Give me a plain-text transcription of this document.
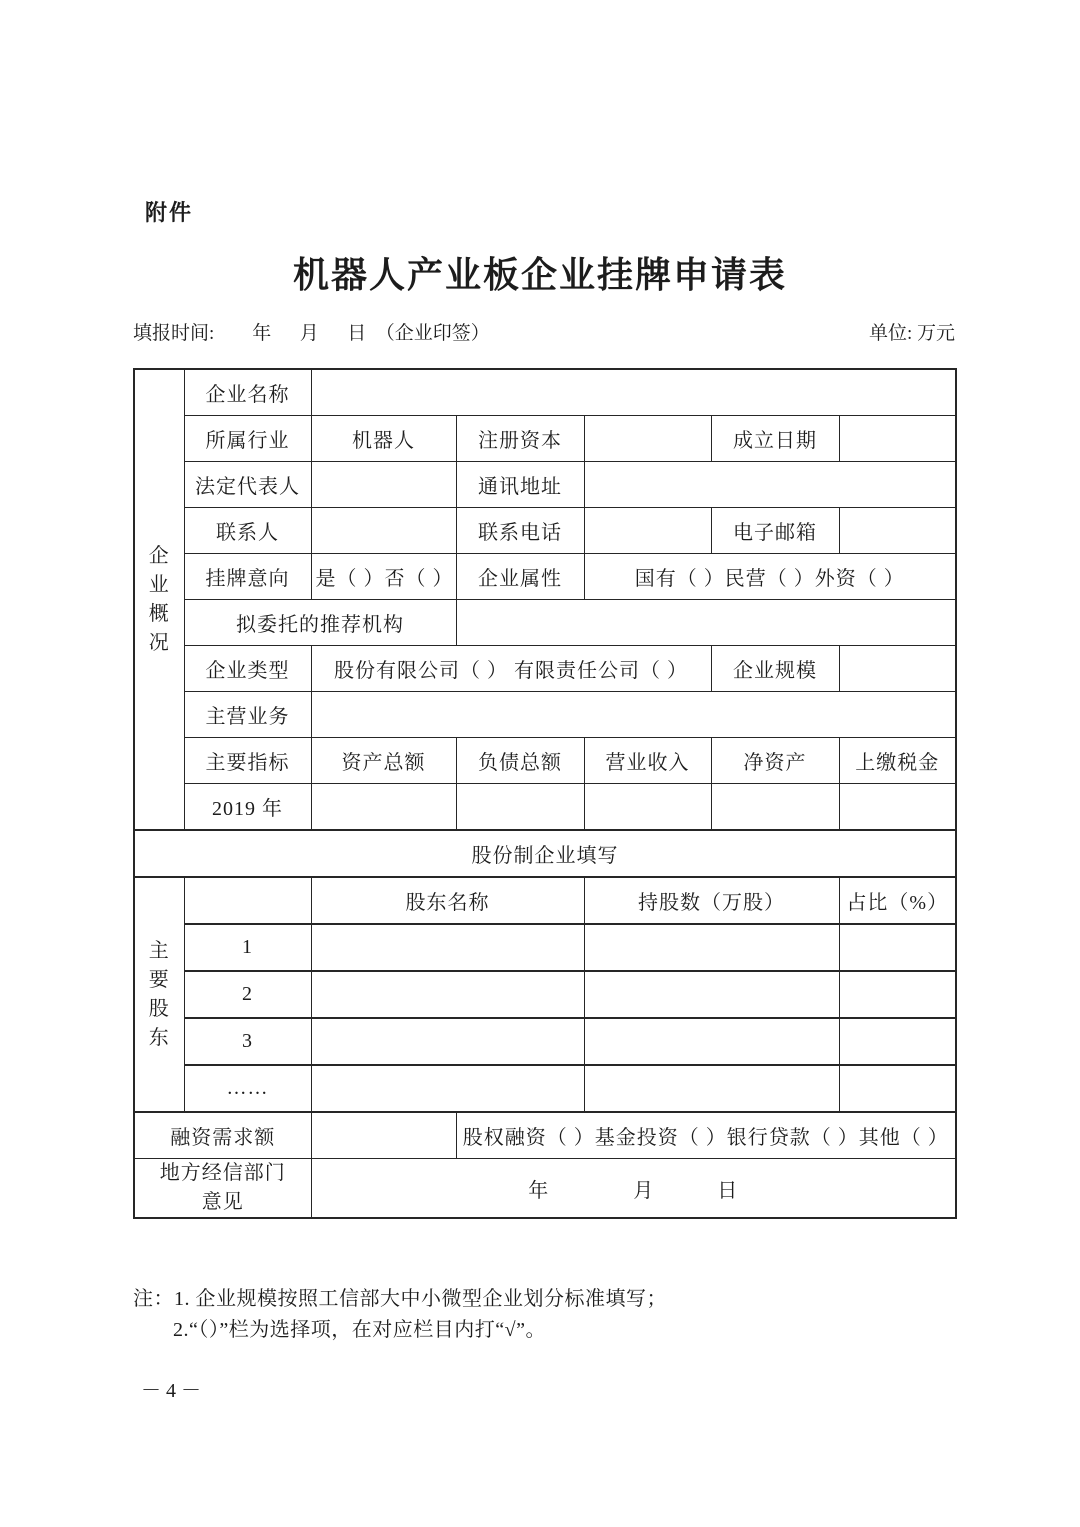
附件
机器人产业板企业挂牌申请表
填报时间:        年      月      日  （企业印签）	单位: 万元
企业
概况	企业名称					
	所属行业	机器人	注册资本		成立日期	
	法定代表人		通讯地址			
	联系人		联系电话		电子邮箱	
	挂牌意向	是（ ）否（ ）	企业属性	国有（ ）民营（ ）外资（ ）		
	拟委托的推荐机构					
	企业类型	股份有限公司（ ） 有限责任公司（ ）			企业规模	
	主营业务					
	主要指标	资产总额	负债总额	营业收入	净资产	上缴税金
	2019 年					
股份制企业填写						

主要
股东		股东名称		持股数（万股）		占比（%）
	1					
	2					
	3					
	……					
融资需求额			股权融资（ ）基金投资（ ）银行贷款（ ）其他（ ）			

地方经信部门
意见		年　　　　月　　　日				
注：1. 企业规模按照工信部大中小微型企业划分标准填写；
2.“（）”栏为选择项，在对应栏目内打“√”。
－ 4 －
